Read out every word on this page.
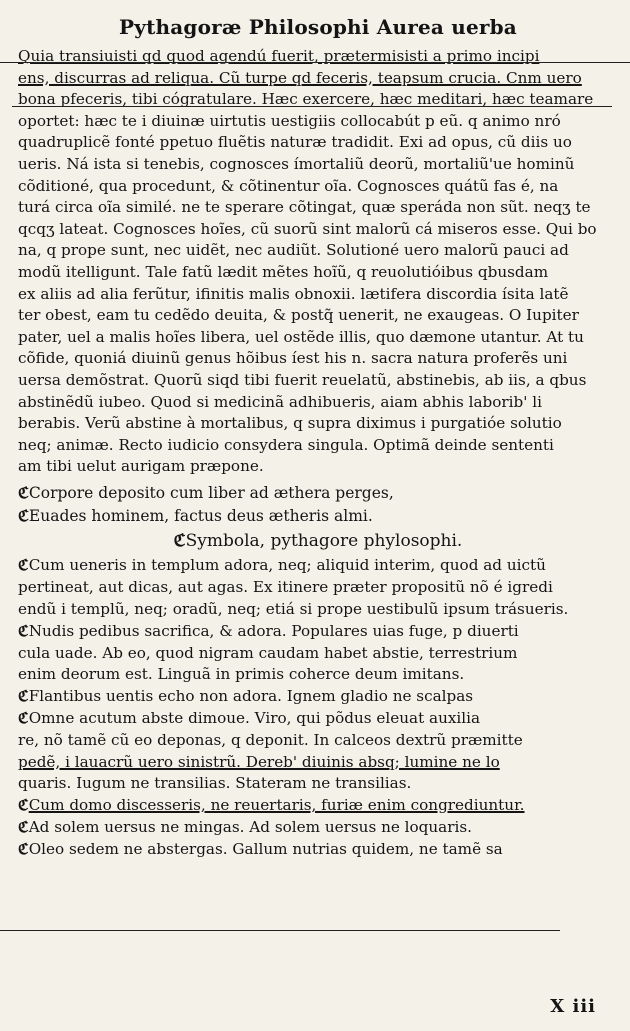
Pythagoræ Philosophi Aurea uerba

Quia transiuisti qd quod agendú fuerit, prætermisisti a primo incipi

ens, discurras ad reliqua. Cũ turpe qd feceris, teapsum crucia. Cnm uero

bona pfeceris, tibi cógratulare. Hæc exercere, hæc meditari, hæc teamare

oportet: hæc te i diuinæ uirtutis uestigiis collocabút p eũ. q animo nró

quadruplicẽ fonté ppetuo fluẽtis naturæ tradidit. Exi ad opus, cũ diis uo

ueris. Ná ista si tenebis, cognosces ímortaliũ deorũ, mortaliũ'ue hominũ

cõditioné, qua procedunt, & cõtinentur oĩa. Cognosces quátũ fas é, na

turá circa oĩa similé. ne te sperare cõtingat, quæ speráda non sũt. neqʒ te

qcqʒ lateat. Cognosces hoĩes, cũ suorũ sint malorũ cá miseros esse. Qui bo

na, q prope sunt, nec uidẽt, nec audiũt. Solutioné uero malorũ pauci ad

modũ itelligunt. Tale fatũ lædit mẽtes hoĩũ, q reuolutióibus qbusdam

ex aliis ad alia ferũtur, ifinitis malis obnoxii. lætifera discordia ísita latẽ

ter obest, eam tu cedẽdo deuita, & postq̃ uenerit, ne exaugeas. O Iupiter

pater, uel a malis hoĩes libera, uel ostẽde illis, quo dæmone utantur. At tu

cõfide, quoniá diuinũ genus hõibus íest his n. sacra natura proferẽs uni

uersa demõstrat. Quorũ siqd tibi fuerit reuelatũ, abstinebis, ab iis, a qbus

abstinẽdũ iubeo. Quod si medicinã adhibueris, aiam abhis laborib' li

berabis. Verũ abstine à mortalibus, q supra diximus i purgatióe solutio

neq; animæ. Recto iudicio consydera singula. Optimã deinde sententi

am tibi uelut aurigam præpone.

ℭCorpore deposito cum liber ad æthera perges,

ℭEuades hominem, factus deus ætheris almi.

ℭSymbola, pythagore phylosophi.

ℭCum ueneris in templum adora, neq; aliquid interim, quod ad uictũ

pertineat, aut dicas, aut agas. Ex itinere præter propositũ nõ é igredi

endũ i templũ, neq; oradũ, neq; etiá si prope uestibulũ ipsum trásueris.

ℭNudis pedibus sacrifica, & adora. Populares uias fuge, p diuerti

cula uade. Ab eo, quod nigram caudam habet abstie, terrestrium

enim deorum est. Linguã in primis coherce deum imitans.

ℭFlantibus uentis echo non adora. Ignem gladio ne scalpas

ℭOmne acutum abste dimoue. Viro, qui põdus eleuat auxilia

re, nõ tamẽ cũ eo deponas, q deponit. In calceos dextrũ præmitte

pedẽ, i lauacrũ uero sinistrũ. Dereb' diuinis absq; lumine ne lo

quaris. Iugum ne transilias. Stateram ne transilias.

ℭCum domo discesseris, ne reuertaris, furiæ enim congrediuntur.

ℭAd solem uersus ne mingas. Ad solem uersus ne loquaris.

ℭOleo sedem ne abstergas. Gallum nutrias quidem, ne tamẽ sa

X iii
